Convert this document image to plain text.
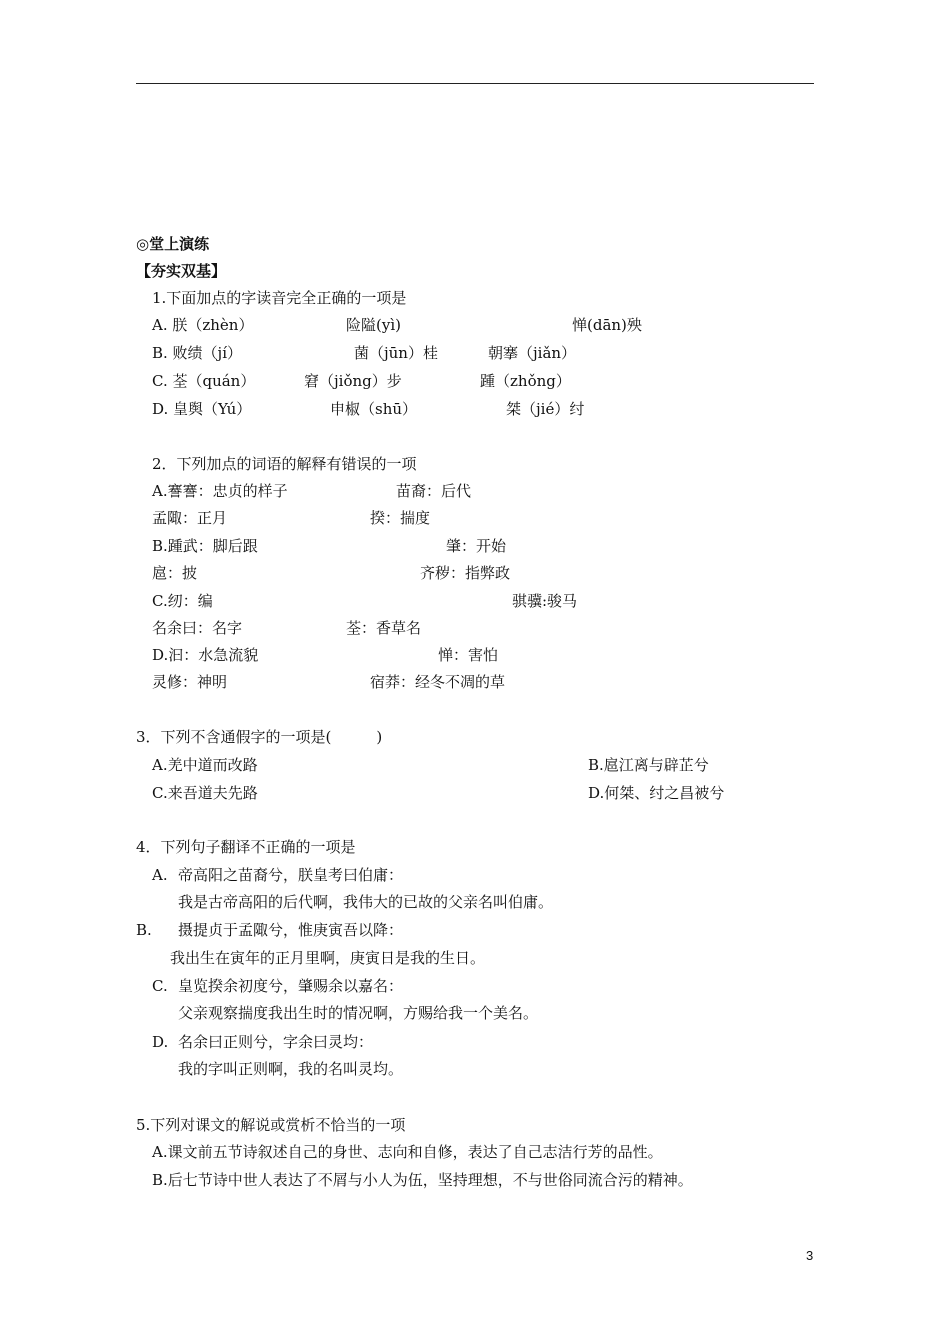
◎堂上演练
【夯实双基】
1.下面加点的字读音完全正确的一项是
A. 朕（zhèn）	险隘(yì)	惮(dān)殃
B. 败绩（jí）	菌（jūn）桂	朝搴（jiǎn）
C. 荃（quán）	窘（jiǒng）步	踵（zhǒng）
D. 皇舆（Yú）	申椒（shū）	桀（jié）纣
2．下列加点的词语的解释有错误的一项
A.謇謇：忠贞的样子	苗裔：后代
孟陬：正月	揆：揣度
B.踵武：脚后跟	肇：开始
扈：披	齐秽：指弊政
C.纫：编	骐骥:骏马
名余曰：名字	荃：香草名
D.汩：水急流貌	惮：害怕
灵修：神明	宿莽：经冬不凋的草
3．下列不含通假字的一项是(　　　)
A.羌中道而改路	B.扈江离与辟芷兮
C.来吾道夫先路	D.何桀、纣之昌被兮
4．下列句子翻译不正确的一项是
A. 帝高阳之苗裔兮，朕皇考曰伯庸：
我是古帝高阳的后代啊，我伟大的已故的父亲名叫伯庸。
B. 摄提贞于孟陬兮，惟庚寅吾以降：
我出生在寅年的正月里啊，庚寅日是我的生日。
C. 皇览揆余初度兮，肇赐余以嘉名：
父亲观察揣度我出生时的情况啊，方赐给我一个美名。
D. 名余曰正则兮，字余曰灵均：
我的字叫正则啊，我的名叫灵均。
5.下列对课文的解说或赏析不恰当的一项
A.课文前五节诗叙述自己的身世、志向和自修，表达了自己志洁行芳的品性。
B.后七节诗中世人表达了不屑与小人为伍，坚持理想，不与世俗同流合污的精神。
3
